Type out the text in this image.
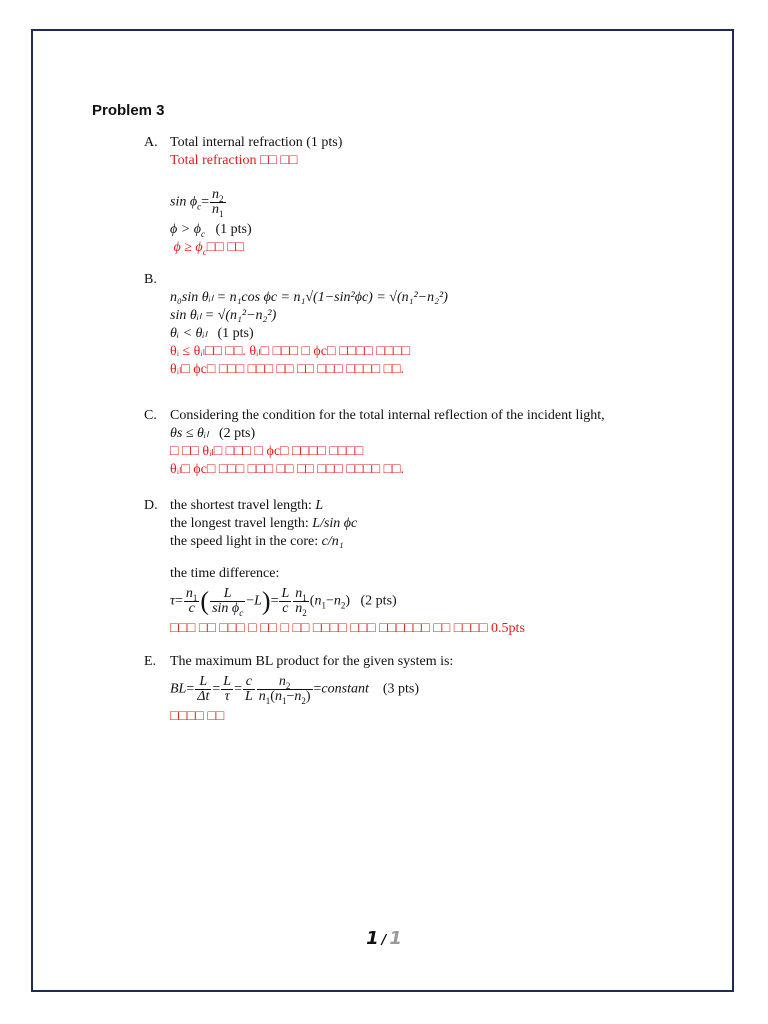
Problem 3
A. Total internal refraction (1 pts)
Total refraction □□ □□
$\sin \phi_c= \frac{n_2}{n_1}$
$\phi > \phi_c$ (1 pts)
$\phi \ge \phi_c□□$ □□
B.
n₀sin θᵢₗ = n₁cos ϕc = n₁√(1−sin²ϕc) = √(n₁²−n₂²)
sin θᵢₗ = √(n₁²−n₂²)
θᵢ < θᵢₗ (1 pts)
θᵢ ≤ θᵢₗ□□ □□. θᵢₗ□ □□□ □ ϕc□ □□□□ □□□□
θᵢₗ□ ϕc□ □□□ □□□ □□ □□ □□□ □□□□ □□.
C. Considering the condition for the total internal reflection of the incident light,
θs ≤ θᵢₗ (2 pts)
□ □□ θᵢₗ□ □□□ □ ϕc□ □□□□ □□□□
θᵢₗ□ ϕc□ □□□ □□□ □□ □□ □□□ □□□□ □□.
D. the shortest travel length: L
the longest travel length: L/sin ϕc
the speed light in the core: c/n₁
the time difference:
$\tau= \frac{n_1}{c}$ ( $\frac{L}{\sin \phi_c} -L)= \frac{L}{c} \frac{n_1}{n_2} (n_1-n_2)$   (2 pts)
□□□ □□ □□□ □ □□ □ □□ □□□□ □□□ □□□□□□ □□ □□□□ 0.5pts
E. The maximum BL product for the given system is:
$BL= \frac{L}{\Delta t} = \frac{L}{\tau} = \frac{c}{L} \frac{n_2}{n_1(n_1-n_2)}$ =constant (3 pts)
□□□□ □□
1 / 1
